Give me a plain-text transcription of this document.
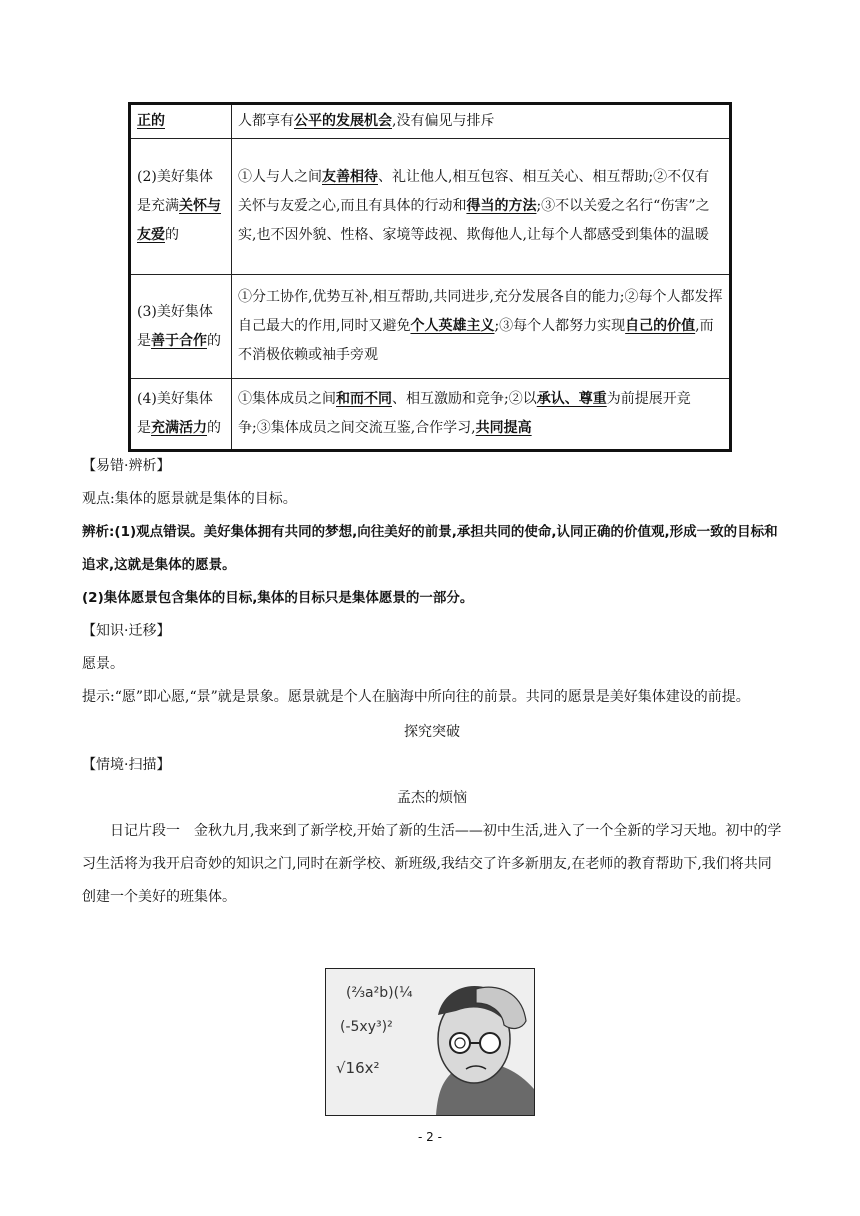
正的	人都享有公平的发展机会,没有偏见与排斥
(2)美好集体是充满关怀与友爱的	①人与人之间友善相待、礼让他人,相互包容、相互关心、相互帮助;②不仅有关怀与友爱之心,而且有具体的行动和得当的方法;③不以关爱之名行“伤害”之实,也不因外貌、性格、家境等歧视、欺侮他人,让每个人都感受到集体的温暖
(3)美好集体是善于合作的	①分工协作,优势互补,相互帮助,共同进步,充分发展各自的能力;②每个人都发挥自己最大的作用,同时又避免个人英雄主义;③每个人都努力实现自己的价值,而不消极依赖或袖手旁观
(4)美好集体是充满活力的	①集体成员之间和而不同、相互激励和竞争;②以承认、尊重为前提展开竞争;③集体成员之间交流互鉴,合作学习,共同提高
【易错·辨析】
观点:集体的愿景就是集体的目标。
辨析:(1)观点错误。美好集体拥有共同的梦想,向往美好的前景,承担共同的使命,认同正确的价值观,形成一致的目标和追求,这就是集体的愿景。
(2)集体愿景包含集体的目标,集体的目标只是集体愿景的一部分。
【知识·迁移】
愿景。
提示:“愿”即心愿,“景”就是景象。愿景就是个人在脑海中所向往的前景。共同的愿景是美好集体建设的前提。
探究突破
【情境·扫描】
孟杰的烦恼
日记片段一　金秋九月,我来到了新学校,开始了新的生活——初中生活,进入了一个全新的学习天地。初中的学习生活将为我开启奇妙的知识之门,同时在新学校、新班级,我结交了许多新朋友,在老师的教育帮助下,我们将共同创建一个美好的班集体。
(⅔a²b)(¼
(-5xy³)²
√16x²
- 2 -
